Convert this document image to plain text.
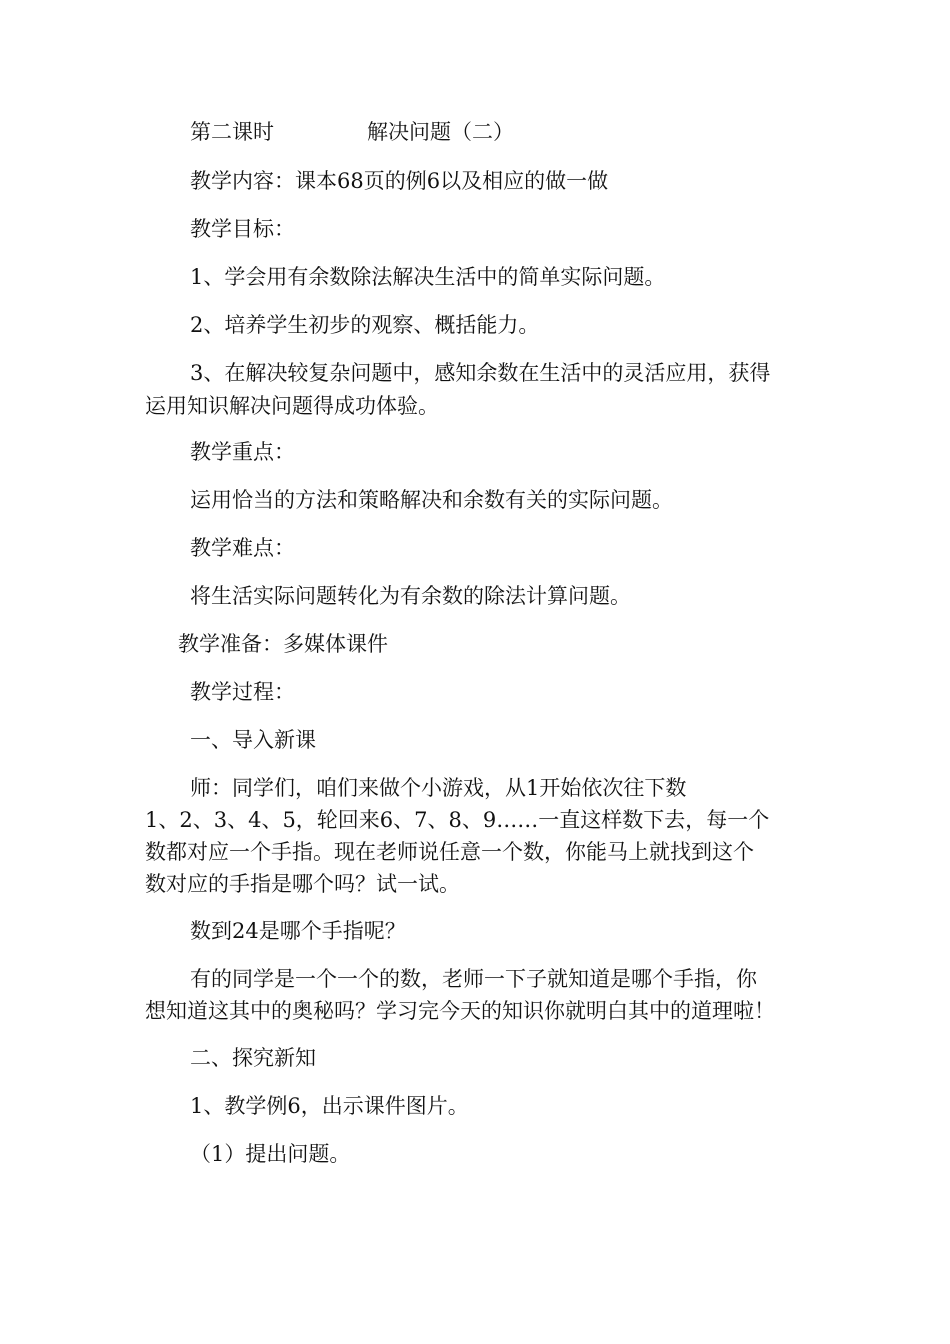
第二课时	解决问题（二）
教学内容：课本68页的例6以及相应的做一做
教学目标：
1、学会用有余数除法解决生活中的简单实际问题。
2、培养学生初步的观察、概括能力。
3、在解决较复杂问题中，感知余数在生活中的灵活应用，获得
运用知识解决问题得成功体验。
教学重点：
运用恰当的方法和策略解决和余数有关的实际问题。
教学难点：
将生活实际问题转化为有余数的除法计算问题。
教学准备：多媒体课件
教学过程：
一、导入新课
师：同学们，咱们来做个小游戏，从1开始依次往下数
1、2、3、4、5，轮回来6、7、8、9……一直这样数下去，每一个
数都对应一个手指。现在老师说任意一个数，你能马上就找到这个
数对应的手指是哪个吗？试一试。
数到24是哪个手指呢？
有的同学是一个一个的数，老师一下子就知道是哪个手指，你
想知道这其中的奥秘吗？学习完今天的知识你就明白其中的道理啦！
二、探究新知
1、教学例6，出示课件图片。
（1）提出问题。
